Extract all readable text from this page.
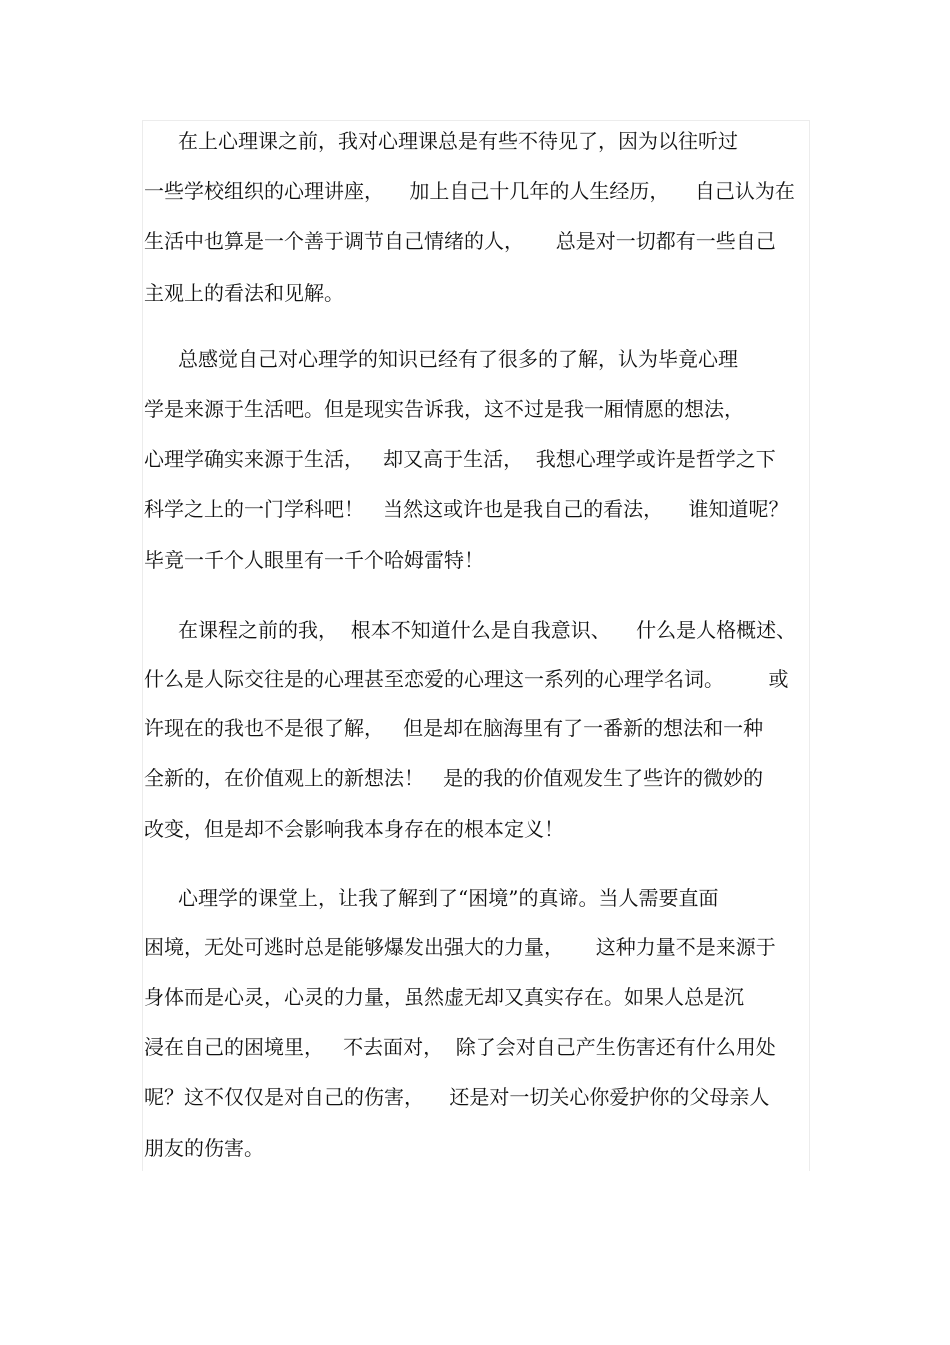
在上心理课之前，我对心理课总是有些不待见了，因为以往听过

一些学校组织的心理讲座，    加上自己十几年的人生经历，    自己认为在

生活中也算是一个善于调节自己情绪的人，     总是对一切都有一些自己

主观上的看法和见解。

总感觉自己对心理学的知识已经有了很多的了解，认为毕竟心理

学是来源于生活吧。但是现实告诉我，这不过是我一厢情愿的想法，

心理学确实来源于生活，   却又高于生活，  我想心理学或许是哲学之下

科学之上的一门学科吧！   当然这或许也是我自己的看法，    谁知道呢？

毕竟一千个人眼里有一千个哈姆雷特！

在课程之前的我，  根本不知道什么是自我意识、    什么是人格概述、

什么是人际交往是的心理甚至恋爱的心理这一系列的心理学名词。       或

许现在的我也不是很了解，   但是却在脑海里有了一番新的想法和一种

全新的，在价值观上的新想法！   是的我的价值观发生了些许的微妙的

改变，但是却不会影响我本身存在的根本定义！

心理学的课堂上，让我了解到了“困境”的真谛。当人需要直面

困境，无处可逃时总是能够爆发出强大的力量，     这种力量不是来源于

身体而是心灵，心灵的力量，虽然虚无却又真实存在。如果人总是沉

浸在自己的困境里，   不去面对，  除了会对自己产生伤害还有什么用处

呢？这不仅仅是对自己的伤害，    还是对一切关心你爱护你的父母亲人

朋友的伤害。
